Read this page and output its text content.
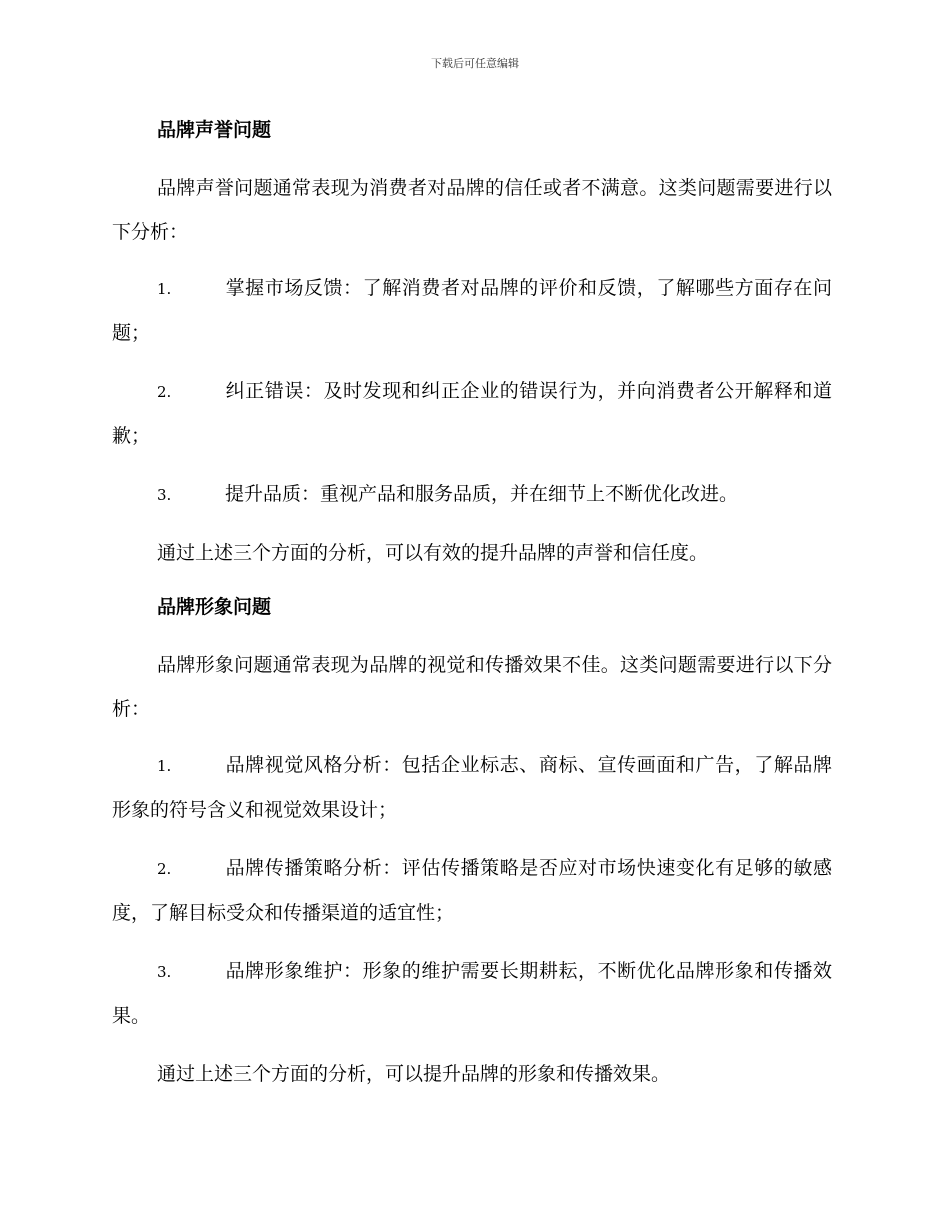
下载后可任意编辑
品牌声誉问题

品牌声誉问题通常表现为消费者对品牌的信任或者不满意。这类问题需要进行以下分析：

1.	掌握市场反馈：了解消费者对品牌的评价和反馈，了解哪些方面存在问题；

2.	纠正错误：及时发现和纠正企业的错误行为，并向消费者公开解释和道歉；

3.	提升品质：重视产品和服务品质，并在细节上不断优化改进。

通过上述三个方面的分析，可以有效的提升品牌的声誉和信任度。

品牌形象问题

品牌形象问题通常表现为品牌的视觉和传播效果不佳。这类问题需要进行以下分析：

1.	品牌视觉风格分析：包括企业标志、商标、宣传画面和广告，了解品牌形象的符号含义和视觉效果设计；

2.	品牌传播策略分析：评估传播策略是否应对市场快速变化有足够的敏感度，了解目标受众和传播渠道的适宜性；

3.	品牌形象维护：形象的维护需要长期耕耘，不断优化品牌形象和传播效果。

通过上述三个方面的分析，可以提升品牌的形象和传播效果。
